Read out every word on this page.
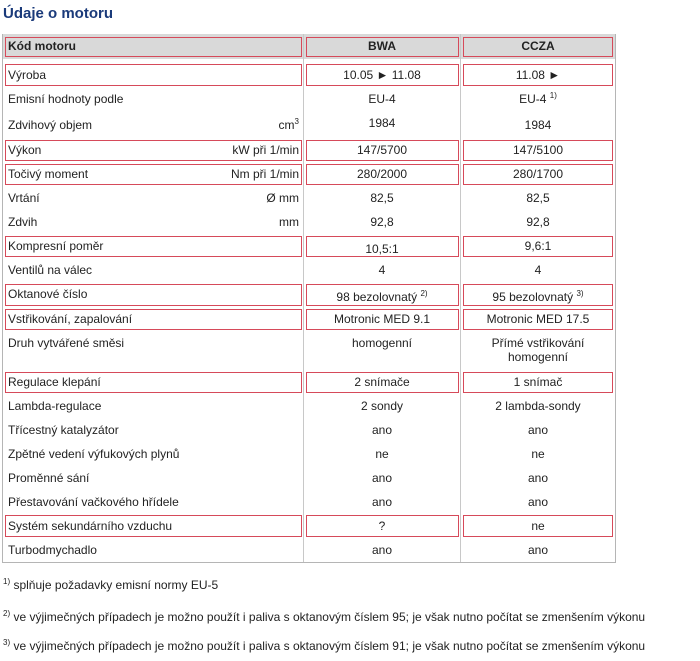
Údaje o motoru
Kód motoru	BWA	CCZA
Výroba	10.05 ► 11.08	11.08 ►
Emisní hodnoty podle	EU-4	EU-4 $^{1)}$
Zdvihový objem	$cm^3$	1984	1984
Výkon	kW při 1/min	147/5700	147/5100
Točivý moment	Nm při 1/min	280/2000	280/1700
Vrtání	Ø mm	82,5	82,5
Zdvih	mm	92,8	92,8
Kompresní poměr	10,5:1	9,6:1
Ventilů na válec	4	4
Oktanové číslo	98 bezolovnatý $^{2)}$	95 bezolovnatý $^{3)}$
Vstřikování, zapalování	Motronic MED 9.1	Motronic MED 17.5
Druh vytvářené směsi	homogenní	Přímé vstřikování homogenní
Regulace klepání	2 snímače	1 snímač
Lambda-regulace	2 sondy	2 lambda-sondy
Třícestný katalyzátor	ano	ano
Zpětné vedení výfukových plynů	ne	ne
Proměnné sání	ano	ano
Přestavování vačkového hřídele	ano	ano
Systém sekundárního vzduchu	?	ne
Turbodmychadlo	ano	ano
$^{1)}$ splňuje požadavky emisní normy EU-5
$^{2)}$ ve výjimečných případech je možno použít i paliva s oktanovým číslem 95; je však nutno počítat se zmenšením výkonu
$^{3)}$ ve výjimečných případech je možno použít i paliva s oktanovým číslem 91; je však nutno počítat se zmenšením výkonu
